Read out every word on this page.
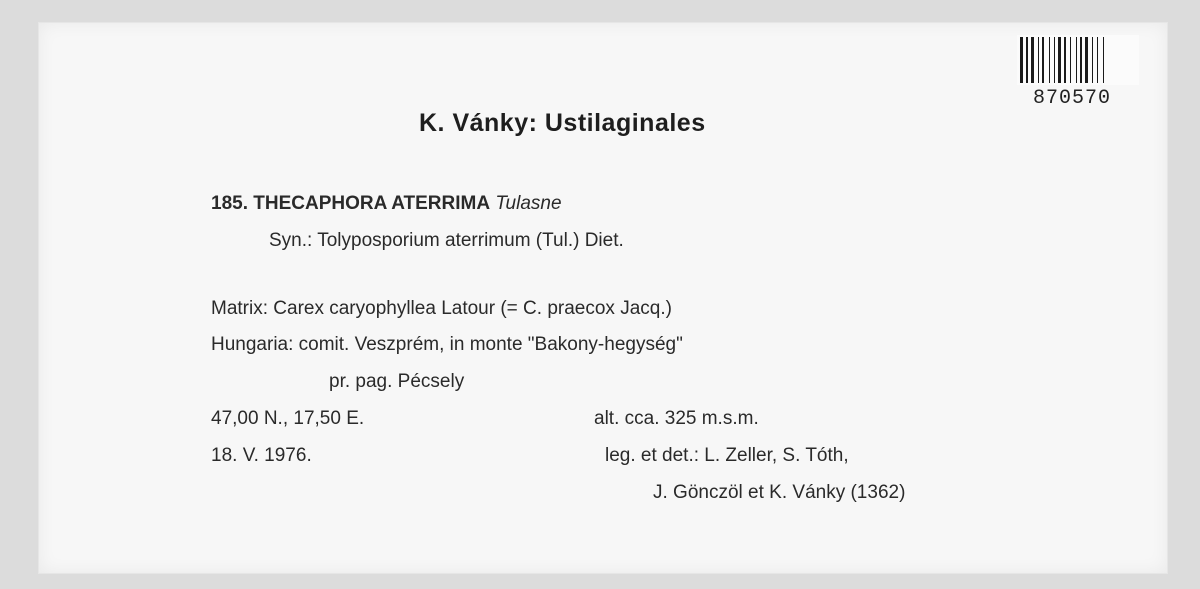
870570
K. Vánky: Ustilaginales
185. THECAPHORA ATERRIMA Tulasne
Syn.: Tolyposporium aterrimum (Tul.) Diet.
Matrix: Carex caryophyllea Latour (= C. praecox Jacq.)
Hungaria: comit. Veszprém, in monte "Bakony-hegység"
pr. pag. Pécsely
47,00 N., 17,50 E.	alt. cca. 325 m.s.m.
18. V. 1976.	leg. et det.: L. Zeller, S. Tóth,
J. Gönczöl et K. Vánky (1362)
